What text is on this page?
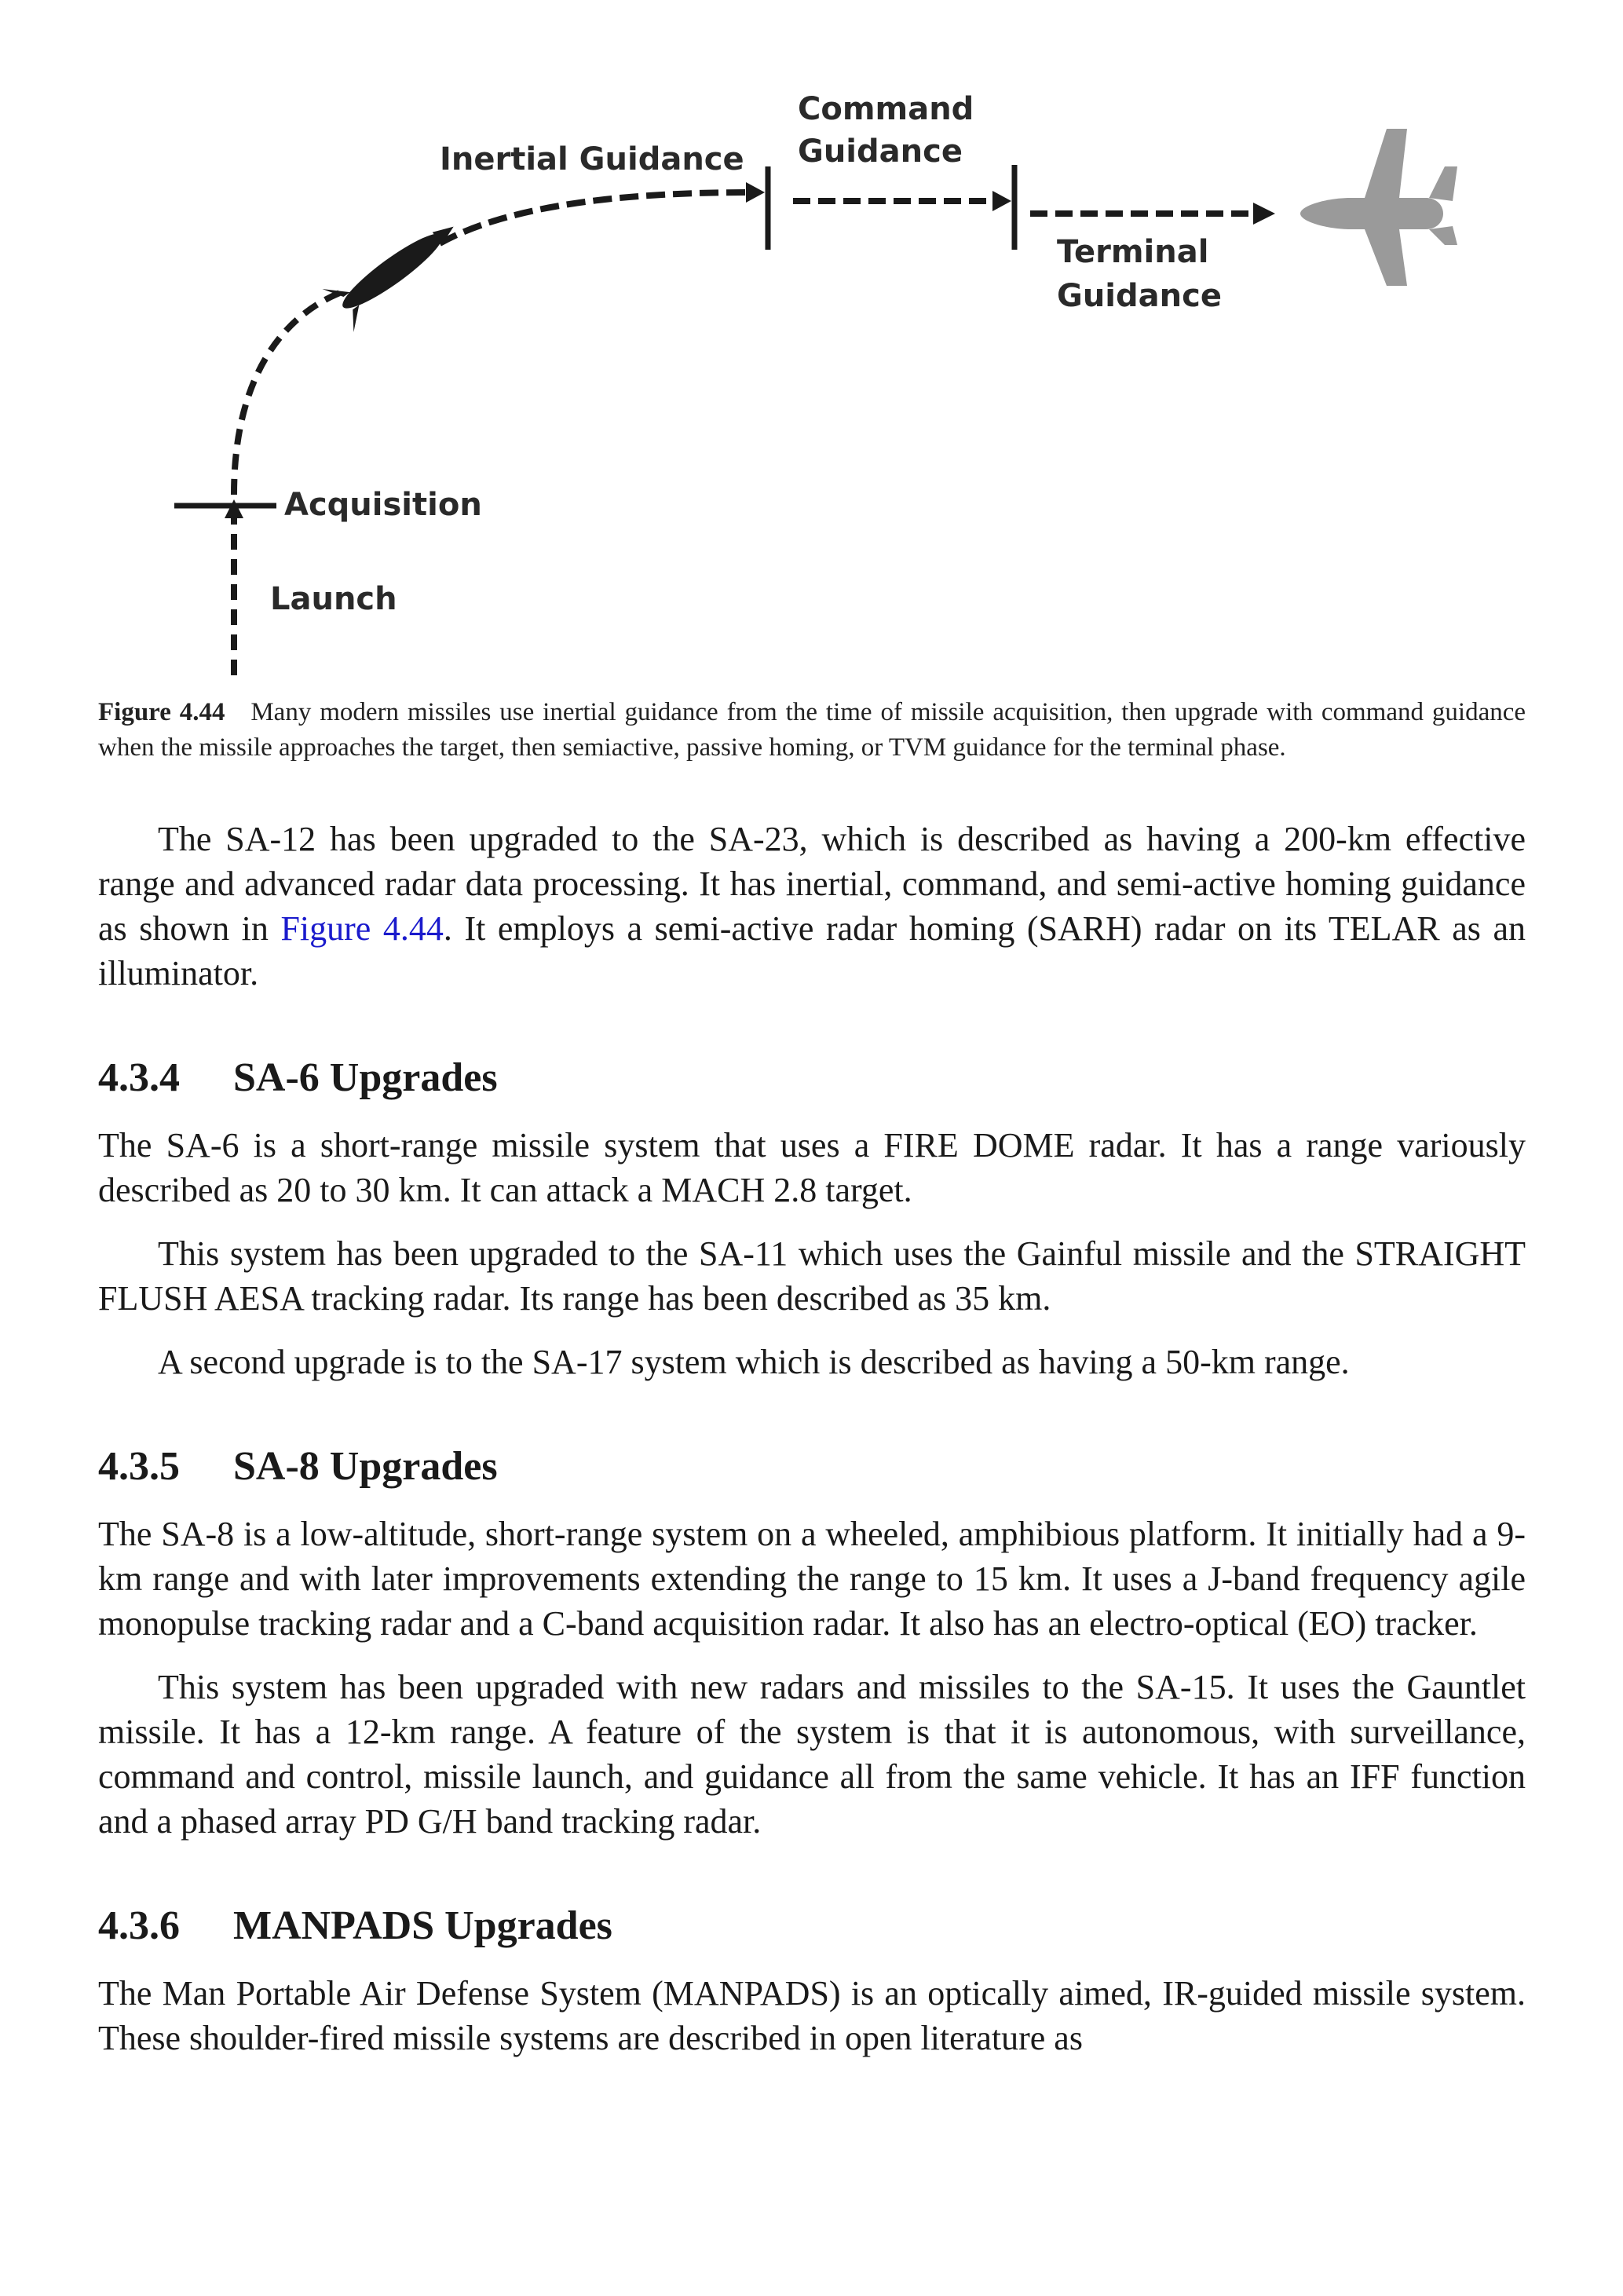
Command
Guidance
Inertial Guidance
Terminal
Guidance
Acquisition
Launch
Figure 4.44 Many modern missiles use inertial guidance from the time of missile acquisition, then upgrade with command guidance when the missile approaches the target, then semiactive, passive homing, or TVM guidance for the terminal phase.

The SA-12 has been upgraded to the SA-23, which is described as having a 200-km effective range and advanced radar data processing. It has inertial, command, and semi-active homing guidance as shown in Figure 4.44. It employs a semi-active radar homing (SARH) radar on its TELAR as an illuminator.

4.3.4 SA-6 Upgrades

The SA-6 is a short-range missile system that uses a FIRE DOME radar. It has a range variously described as 20 to 30 km. It can attack a MACH 2.8 target.

This system has been upgraded to the SA-11 which uses the Gainful missile and the STRAIGHT FLUSH AESA tracking radar. Its range has been described as 35 km.

A second upgrade is to the SA-17 system which is described as having a 50-km range.

4.3.5 SA-8 Upgrades

The SA-8 is a low-altitude, short-range system on a wheeled, amphibious platform. It initially had a 9-km range and with later improvements extending the range to 15 km. It uses a J-band frequency agile monopulse tracking radar and a C-band acquisition radar. It also has an electro-optical (EO) tracker.

This system has been upgraded with new radars and missiles to the SA-15. It uses the Gauntlet missile. It has a 12-km range. A feature of the system is that it is autonomous, with surveillance, command and control, missile launch, and guidance all from the same vehicle. It has an IFF function and a phased array PD G/H band tracking radar.

4.3.6 MANPADS Upgrades

The Man Portable Air Defense System (MANPADS) is an optically aimed, IR-guided missile system. These shoulder-fired missile systems are described in open literature as
